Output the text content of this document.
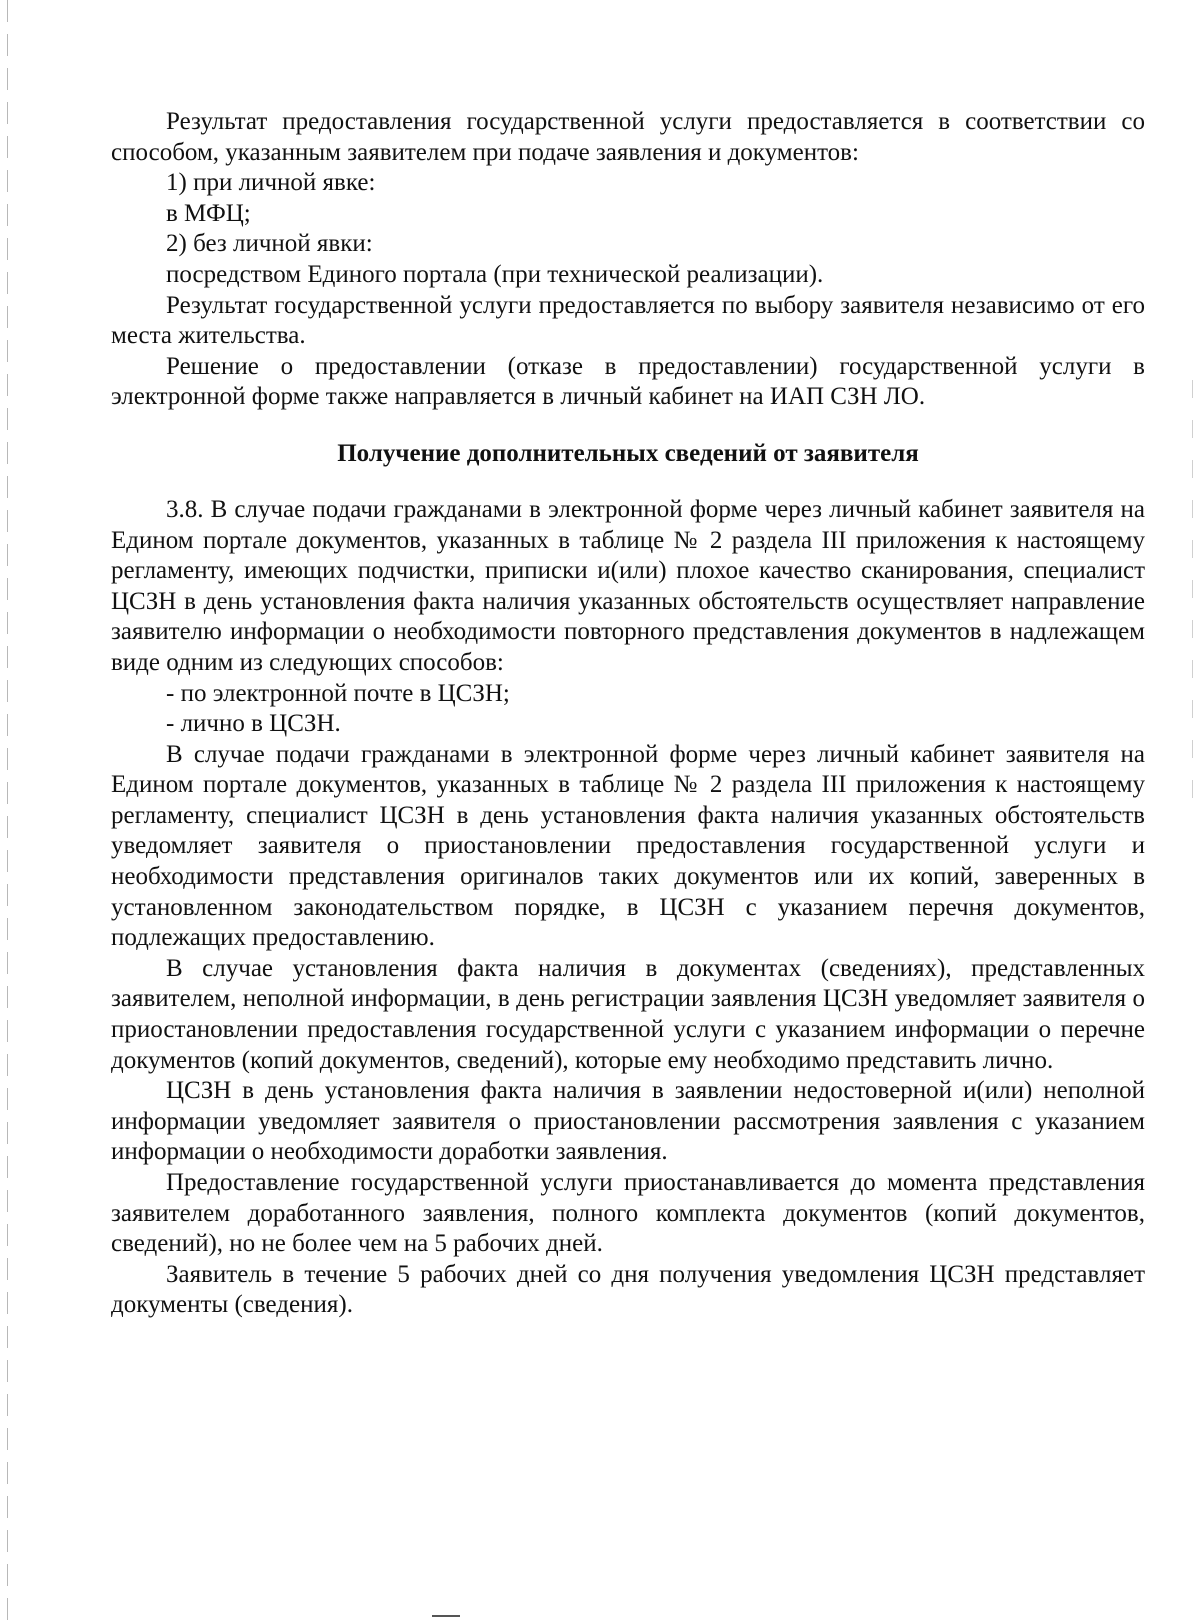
Результат предоставления государственной услуги предоставляется в соответствии со способом, указанным заявителем при подаче заявления и документов:

1) при личной явке:

в МФЦ;

2) без личной явки:

посредством Единого портала (при технической реализации).

Результат государственной услуги предоставляется по выбору заявителя независимо от его места жительства.

Решение о предоставлении (отказе в предоставлении) государственной услуги в электронной форме также направляется в личный кабинет на ИАП СЗН ЛО.

Получение дополнительных сведений от заявителя

3.8. В случае подачи гражданами в электронной форме через личный кабинет заявителя на Едином портале документов, указанных в таблице № 2 раздела III приложения к настоящему регламенту, имеющих подчистки, приписки и(или) плохое качество сканирования, специалист ЦСЗН в день установления факта наличия указанных обстоятельств осуществляет направление заявителю информации о необходимости повторного представления документов в надлежащем виде одним из следующих способов:

- по электронной почте в ЦСЗН;

- лично в ЦСЗН.

В случае подачи гражданами в электронной форме через личный кабинет заявителя на Едином портале документов, указанных в таблице № 2 раздела III приложения к настоящему регламенту, специалист ЦСЗН в день установления факта наличия указанных обстоятельств уведомляет заявителя о приостановлении предоставления государственной услуги и необходимости представления оригиналов таких документов или их копий, заверенных в установленном законодательством порядке, в ЦСЗН с указанием перечня документов, подлежащих предоставлению.

В случае установления факта наличия в документах (сведениях), представленных заявителем, неполной информации, в день регистрации заявления ЦСЗН уведомляет заявителя о приостановлении предоставления государственной услуги с указанием информации о перечне документов (копий документов, сведений), которые ему необходимо представить лично.

ЦСЗН в день установления факта наличия в заявлении недостоверной и(или) неполной информации уведомляет заявителя о приостановлении рассмотрения заявления с указанием информации о необходимости доработки заявления.

Предоставление государственной услуги приостанавливается до момента представления заявителем доработанного заявления, полного комплекта документов (копий документов, сведений), но не более чем на 5 рабочих дней.

Заявитель в течение 5 рабочих дней со дня получения уведомления ЦСЗН представляет документы (сведения).
